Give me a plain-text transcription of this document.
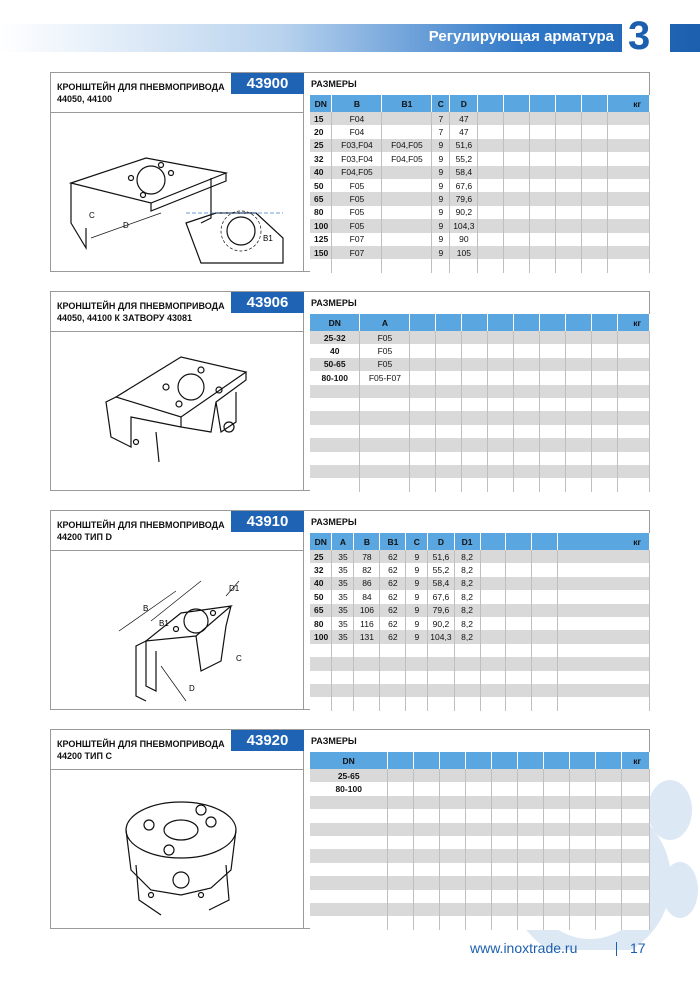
Регулирующая арматура 3
КРОНШТЕЙН ДЛЯ ПНЕВМОПРИВОДА
44050, 44100
43900	РАЗМЕРЫ
C
D
B1
DN	B	B1	C	D						кг
15	F04		7	47						
20	F04		7	47						
25	F03,F04	F04,F05	9	51,6						
32	F03,F04	F04,F05	9	55,2						
40	F04,F05		9	58,4						
50	F05		9	67,6						
65	F05		9	79,6						
80	F05		9	90,2						
100	F05		9	104,3						
125	F07		9	90						
150	F07		9	105						

КРОНШТЕЙН ДЛЯ ПНЕВМОПРИВОДА
44050, 44100 К ЗАТВОРУ 43081
43906	РАЗМЕРЫ
DN	A									кг
25-32	F05									
40	F05									
50-65	F05									
80-100	F05-F07									

КРОНШТЕЙН ДЛЯ ПНЕВМОПРИВОДА
44200 ТИП D
43910	РАЗМЕРЫ
B
B1
D1
C
D
DN	A	B	B1	C	D	D1				кг
25	35	78	62	9	51,6	8,2				
32	35	82	62	9	55,2	8,2				
40	35	86	62	9	58,4	8,2				
50	35	84	62	9	67,6	8,2				
65	35	106	62	9	79,6	8,2				
80	35	116	62	9	90,2	8,2				
100	35	131	62	9	104,3	8,2				

КРОНШТЕЙН ДЛЯ ПНЕВМОПРИВОДА
44200 ТИП C
43920	РАЗМЕРЫ
DN										кг
25-65										
80-100										

www.inoxtrade.ru	17
